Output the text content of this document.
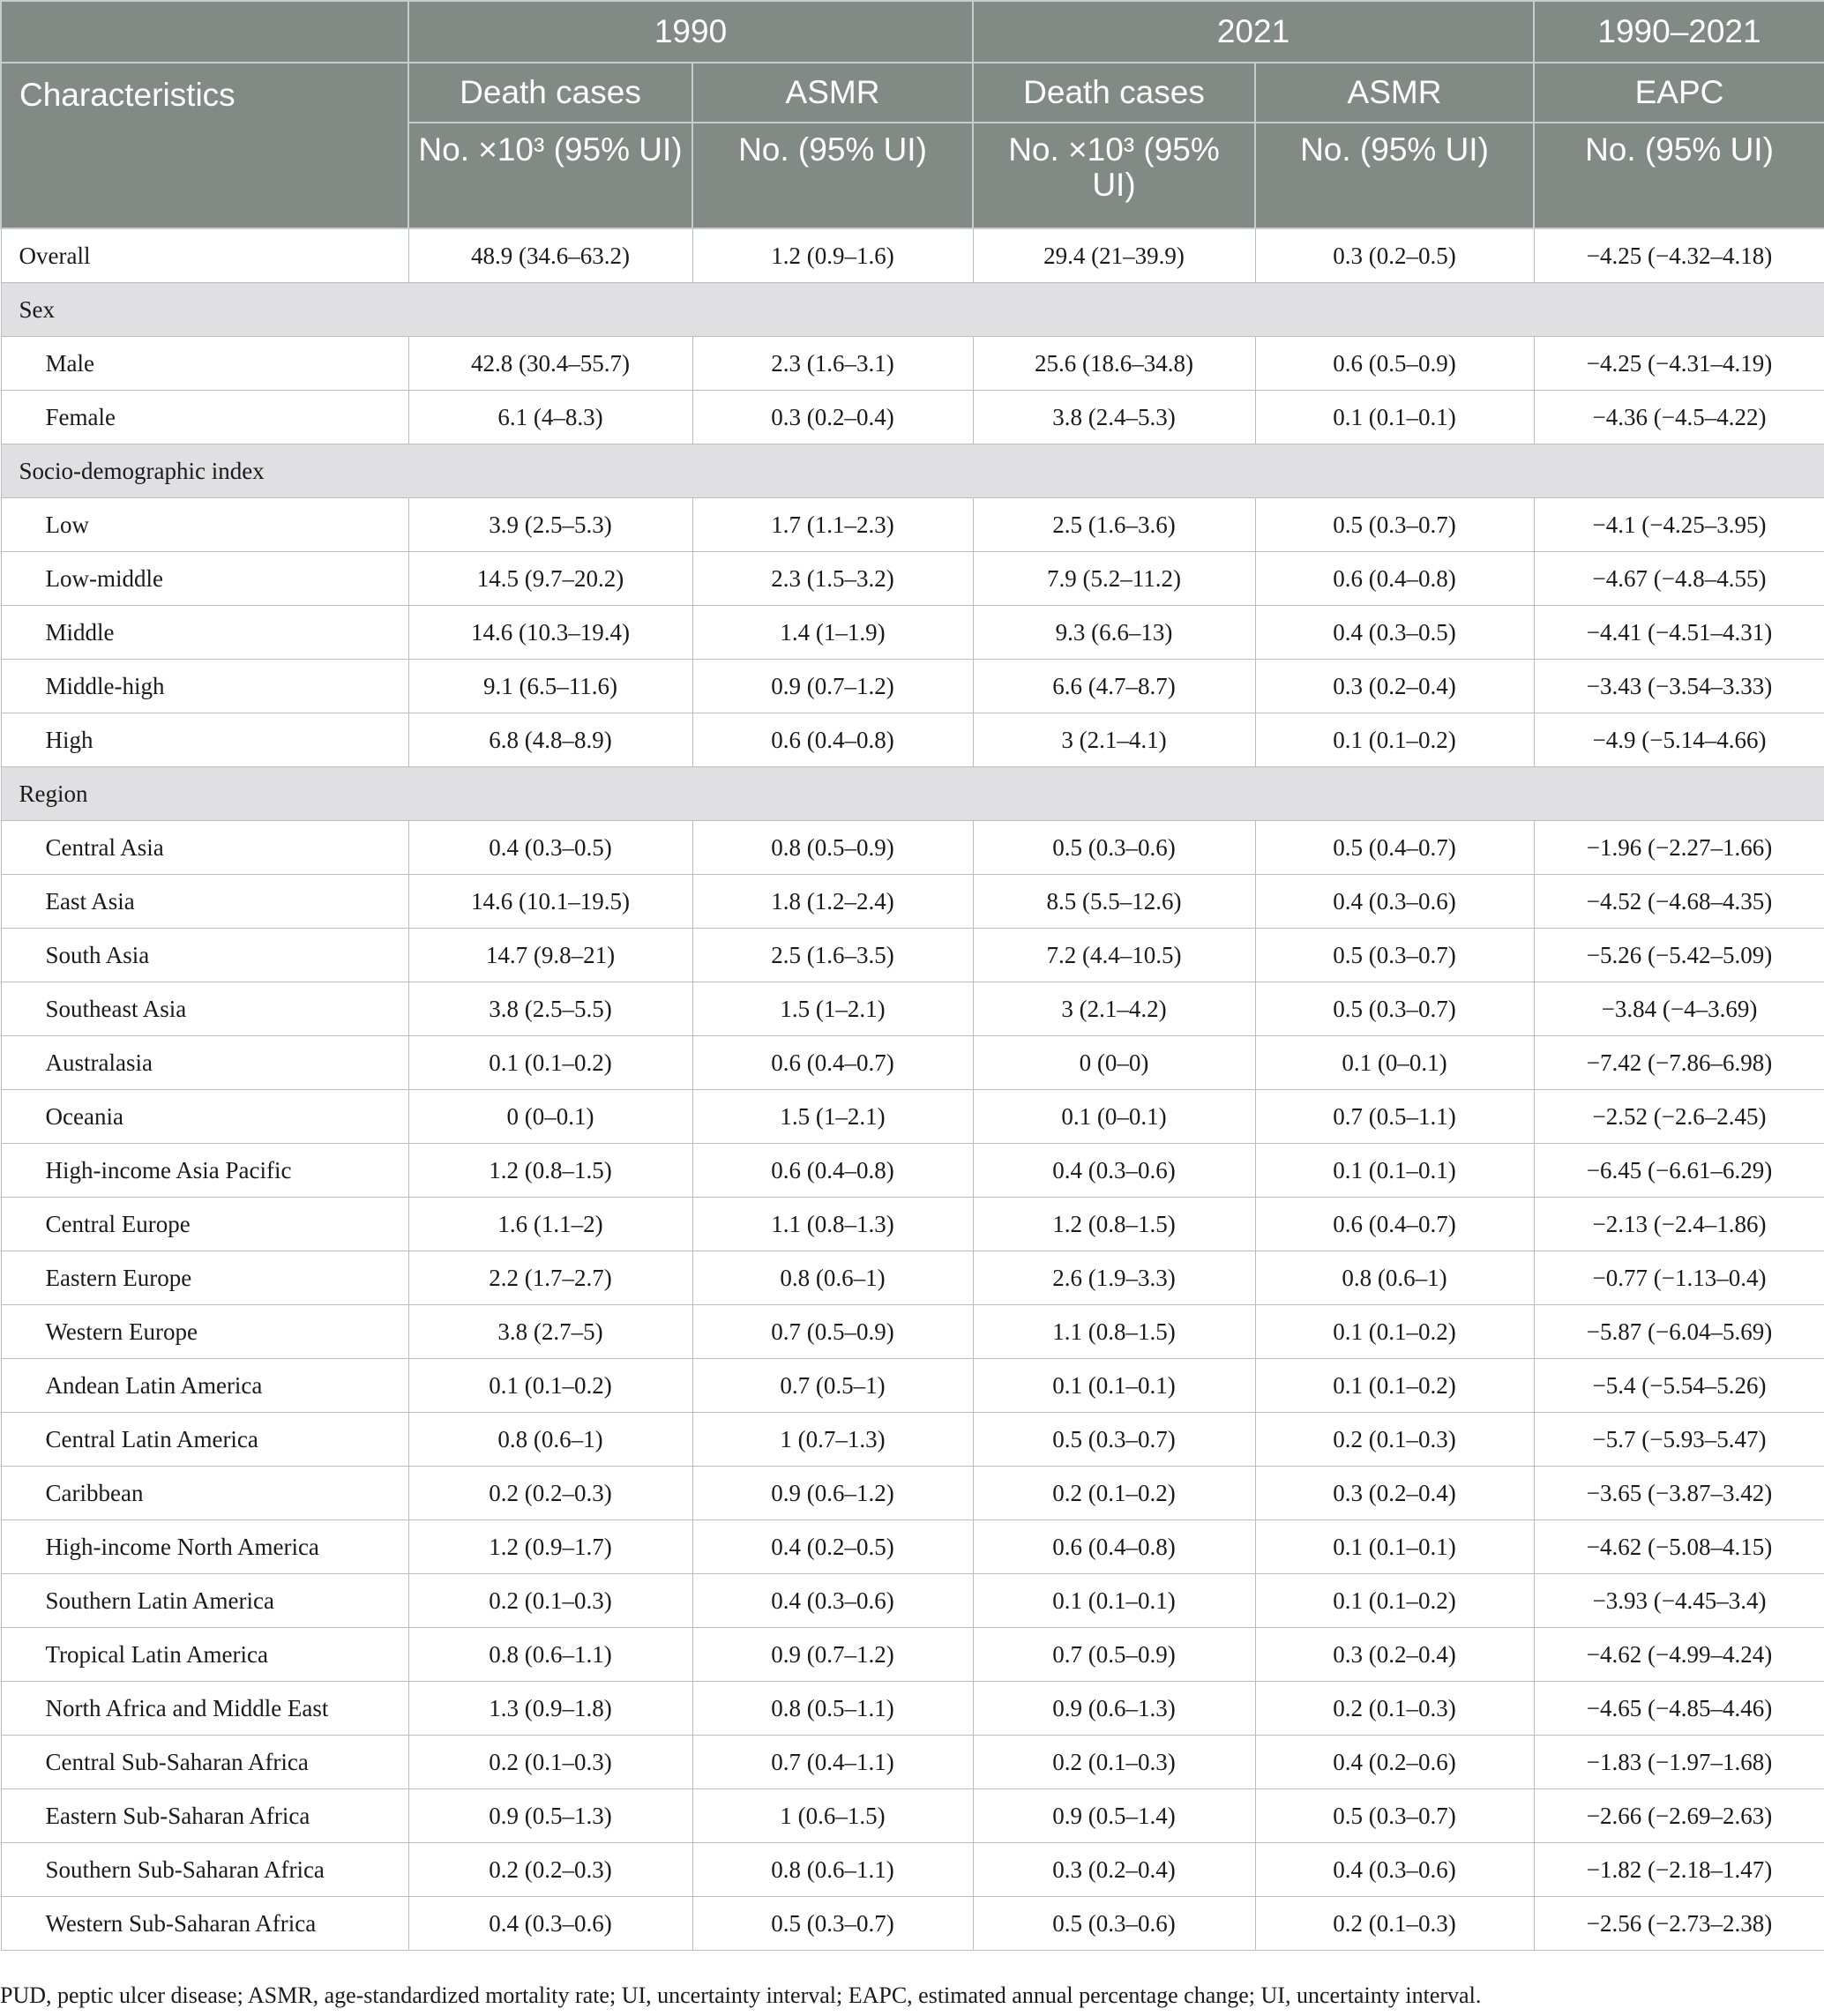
	1990		2021		1990–2021
Characteristics	Death cases	ASMR	Death cases	ASMR	EAPC
	No. ×10³ (95% UI)	No. (95% UI)	No. ×10³ (95% UI)	No. (95% UI)	No. (95% UI)
Overall	48.9 (34.6–63.2)	1.2 (0.9–1.6)	29.4 (21–39.9)	0.3 (0.2–0.5)	−4.25 (−4.32–4.18)
Sex					
Male	42.8 (30.4–55.7)	2.3 (1.6–3.1)	25.6 (18.6–34.8)	0.6 (0.5–0.9)	−4.25 (−4.31–4.19)
Female	6.1 (4–8.3)	0.3 (0.2–0.4)	3.8 (2.4–5.3)	0.1 (0.1–0.1)	−4.36 (−4.5–4.22)
Socio-demographic index					
Low	3.9 (2.5–5.3)	1.7 (1.1–2.3)	2.5 (1.6–3.6)	0.5 (0.3–0.7)	−4.1 (−4.25–3.95)
Low-middle	14.5 (9.7–20.2)	2.3 (1.5–3.2)	7.9 (5.2–11.2)	0.6 (0.4–0.8)	−4.67 (−4.8–4.55)
Middle	14.6 (10.3–19.4)	1.4 (1–1.9)	9.3 (6.6–13)	0.4 (0.3–0.5)	−4.41 (−4.51–4.31)
Middle-high	9.1 (6.5–11.6)	0.9 (0.7–1.2)	6.6 (4.7–8.7)	0.3 (0.2–0.4)	−3.43 (−3.54–3.33)
High	6.8 (4.8–8.9)	0.6 (0.4–0.8)	3 (2.1–4.1)	0.1 (0.1–0.2)	−4.9 (−5.14–4.66)
Region					
Central Asia	0.4 (0.3–0.5)	0.8 (0.5–0.9)	0.5 (0.3–0.6)	0.5 (0.4–0.7)	−1.96 (−2.27–1.66)
East Asia	14.6 (10.1–19.5)	1.8 (1.2–2.4)	8.5 (5.5–12.6)	0.4 (0.3–0.6)	−4.52 (−4.68–4.35)
South Asia	14.7 (9.8–21)	2.5 (1.6–3.5)	7.2 (4.4–10.5)	0.5 (0.3–0.7)	−5.26 (−5.42–5.09)
Southeast Asia	3.8 (2.5–5.5)	1.5 (1–2.1)	3 (2.1–4.2)	0.5 (0.3–0.7)	−3.84 (−4–3.69)
Australasia	0.1 (0.1–0.2)	0.6 (0.4–0.7)	0 (0–0)	0.1 (0–0.1)	−7.42 (−7.86–6.98)
Oceania	0 (0–0.1)	1.5 (1–2.1)	0.1 (0–0.1)	0.7 (0.5–1.1)	−2.52 (−2.6–2.45)
High-income Asia Pacific	1.2 (0.8–1.5)	0.6 (0.4–0.8)	0.4 (0.3–0.6)	0.1 (0.1–0.1)	−6.45 (−6.61–6.29)
Central Europe	1.6 (1.1–2)	1.1 (0.8–1.3)	1.2 (0.8–1.5)	0.6 (0.4–0.7)	−2.13 (−2.4–1.86)
Eastern Europe	2.2 (1.7–2.7)	0.8 (0.6–1)	2.6 (1.9–3.3)	0.8 (0.6–1)	−0.77 (−1.13–0.4)
Western Europe	3.8 (2.7–5)	0.7 (0.5–0.9)	1.1 (0.8–1.5)	0.1 (0.1–0.2)	−5.87 (−6.04–5.69)
Andean Latin America	0.1 (0.1–0.2)	0.7 (0.5–1)	0.1 (0.1–0.1)	0.1 (0.1–0.2)	−5.4 (−5.54–5.26)
Central Latin America	0.8 (0.6–1)	1 (0.7–1.3)	0.5 (0.3–0.7)	0.2 (0.1–0.3)	−5.7 (−5.93–5.47)
Caribbean	0.2 (0.2–0.3)	0.9 (0.6–1.2)	0.2 (0.1–0.2)	0.3 (0.2–0.4)	−3.65 (−3.87–3.42)
High-income North America	1.2 (0.9–1.7)	0.4 (0.2–0.5)	0.6 (0.4–0.8)	0.1 (0.1–0.1)	−4.62 (−5.08–4.15)
Southern Latin America	0.2 (0.1–0.3)	0.4 (0.3–0.6)	0.1 (0.1–0.1)	0.1 (0.1–0.2)	−3.93 (−4.45–3.4)
Tropical Latin America	0.8 (0.6–1.1)	0.9 (0.7–1.2)	0.7 (0.5–0.9)	0.3 (0.2–0.4)	−4.62 (−4.99–4.24)
North Africa and Middle East	1.3 (0.9–1.8)	0.8 (0.5–1.1)	0.9 (0.6–1.3)	0.2 (0.1–0.3)	−4.65 (−4.85–4.46)
Central Sub-Saharan Africa	0.2 (0.1–0.3)	0.7 (0.4–1.1)	0.2 (0.1–0.3)	0.4 (0.2–0.6)	−1.83 (−1.97–1.68)
Eastern Sub-Saharan Africa	0.9 (0.5–1.3)	1 (0.6–1.5)	0.9 (0.5–1.4)	0.5 (0.3–0.7)	−2.66 (−2.69–2.63)
Southern Sub-Saharan Africa	0.2 (0.2–0.3)	0.8 (0.6–1.1)	0.3 (0.2–0.4)	0.4 (0.3–0.6)	−1.82 (−2.18–1.47)
Western Sub-Saharan Africa	0.4 (0.3–0.6)	0.5 (0.3–0.7)	0.5 (0.3–0.6)	0.2 (0.1–0.3)	−2.56 (−2.73–2.38)
PUD, peptic ulcer disease; ASMR, age-standardized mortality rate; UI, uncertainty interval; EAPC, estimated annual percentage change; UI, uncertainty interval.
